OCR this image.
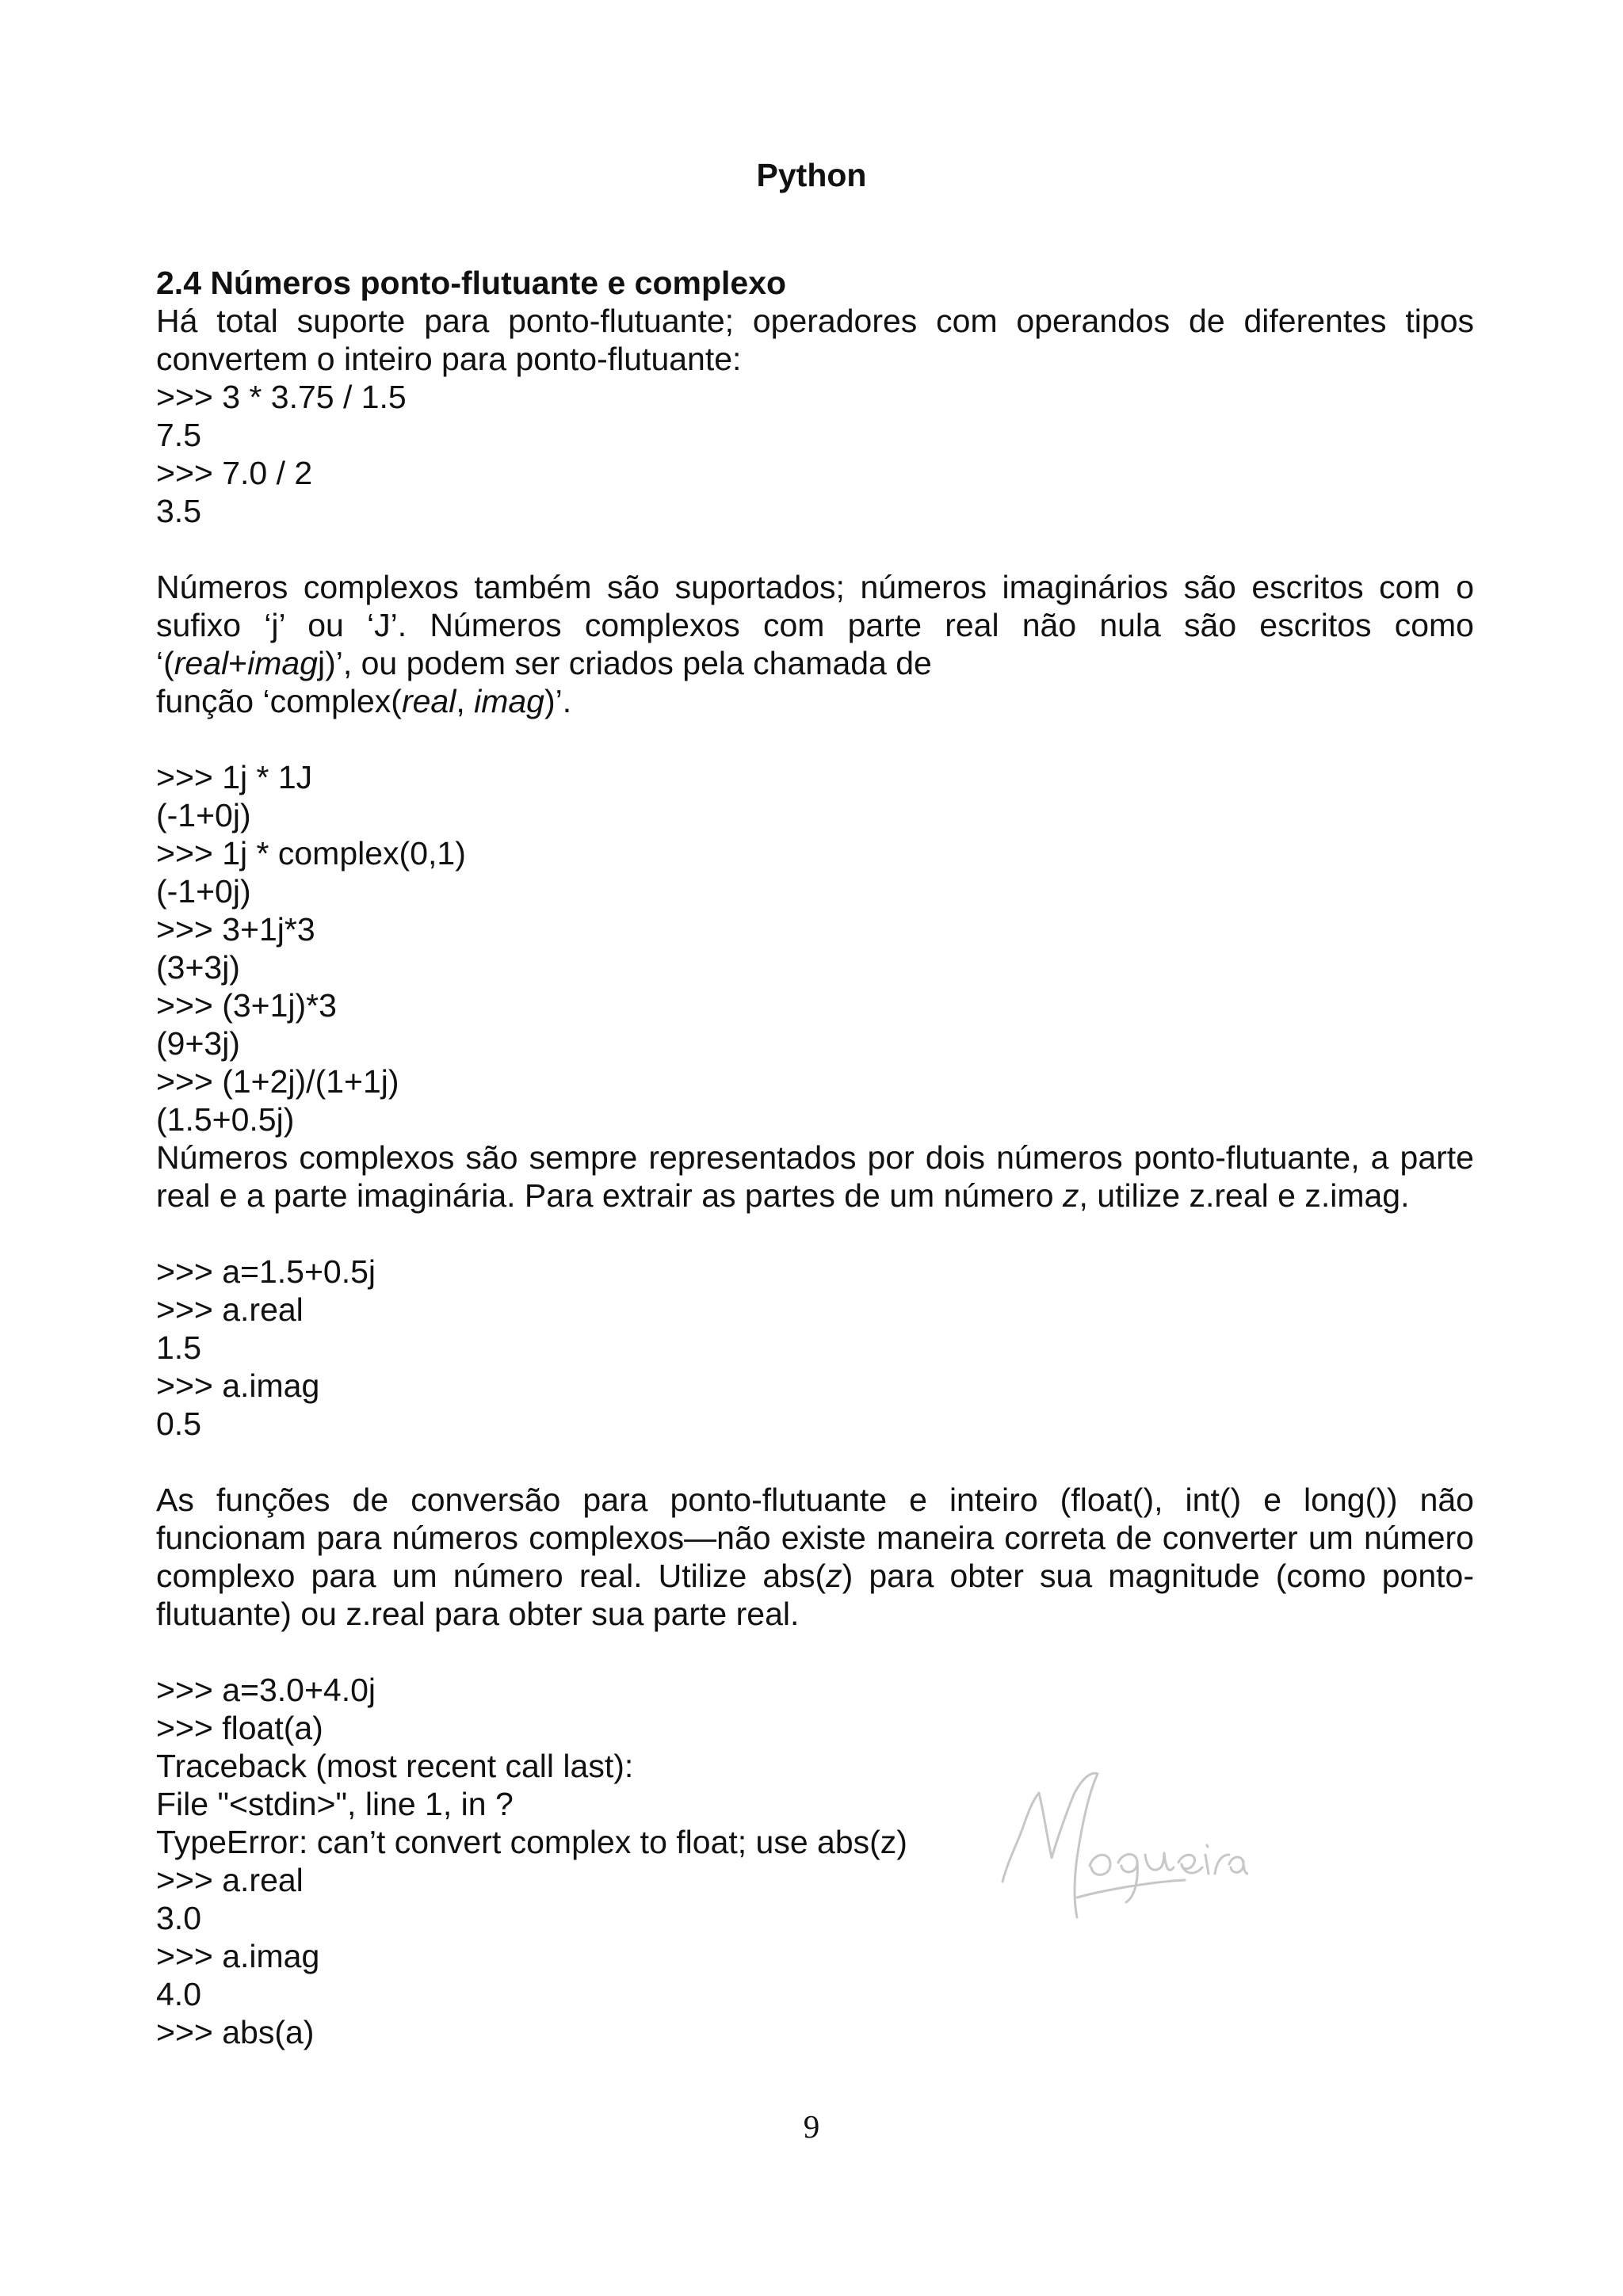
Python
2.4 Números ponto-flutuante e complexo
Há total suporte para ponto-flutuante; operadores com operandos de diferentes tipos
convertem o inteiro para ponto-flutuante:
>>> 3 * 3.75 / 1.5
7.5
>>> 7.0 / 2
3.5
Números complexos também são suportados; números imaginários são escritos com o
sufixo ‘j’ ou ‘J’. Números complexos com parte real não nula são escritos como
‘(real+imagj)’, ou podem ser criados pela chamada de
função ‘complex(real, imag)’.
>>> 1j * 1J
(-1+0j)
>>> 1j * complex(0,1)
(-1+0j)
>>> 3+1j*3
(3+3j)
>>> (3+1j)*3
(9+3j)
>>> (1+2j)/(1+1j)
(1.5+0.5j)
Números complexos são sempre representados por dois números ponto-flutuante, a parte
real e a parte imaginária. Para extrair as partes de um número z, utilize z.real e z.imag.
>>> a=1.5+0.5j
>>> a.real
1.5
>>> a.imag
0.5
As funções de conversão para ponto-flutuante e inteiro (float(), int() e long()) não
funcionam para números complexos—não existe maneira correta de converter um número
complexo para um número real. Utilize abs(z) para obter sua magnitude (como ponto-
flutuante) ou z.real para obter sua parte real.
>>> a=3.0+4.0j
>>> float(a)
Traceback (most recent call last):
File "<stdin>", line 1, in ?
TypeError: can’t convert complex to float; use abs(z)
>>> a.real
3.0
>>> a.imag
4.0
>>> abs(a)
9
